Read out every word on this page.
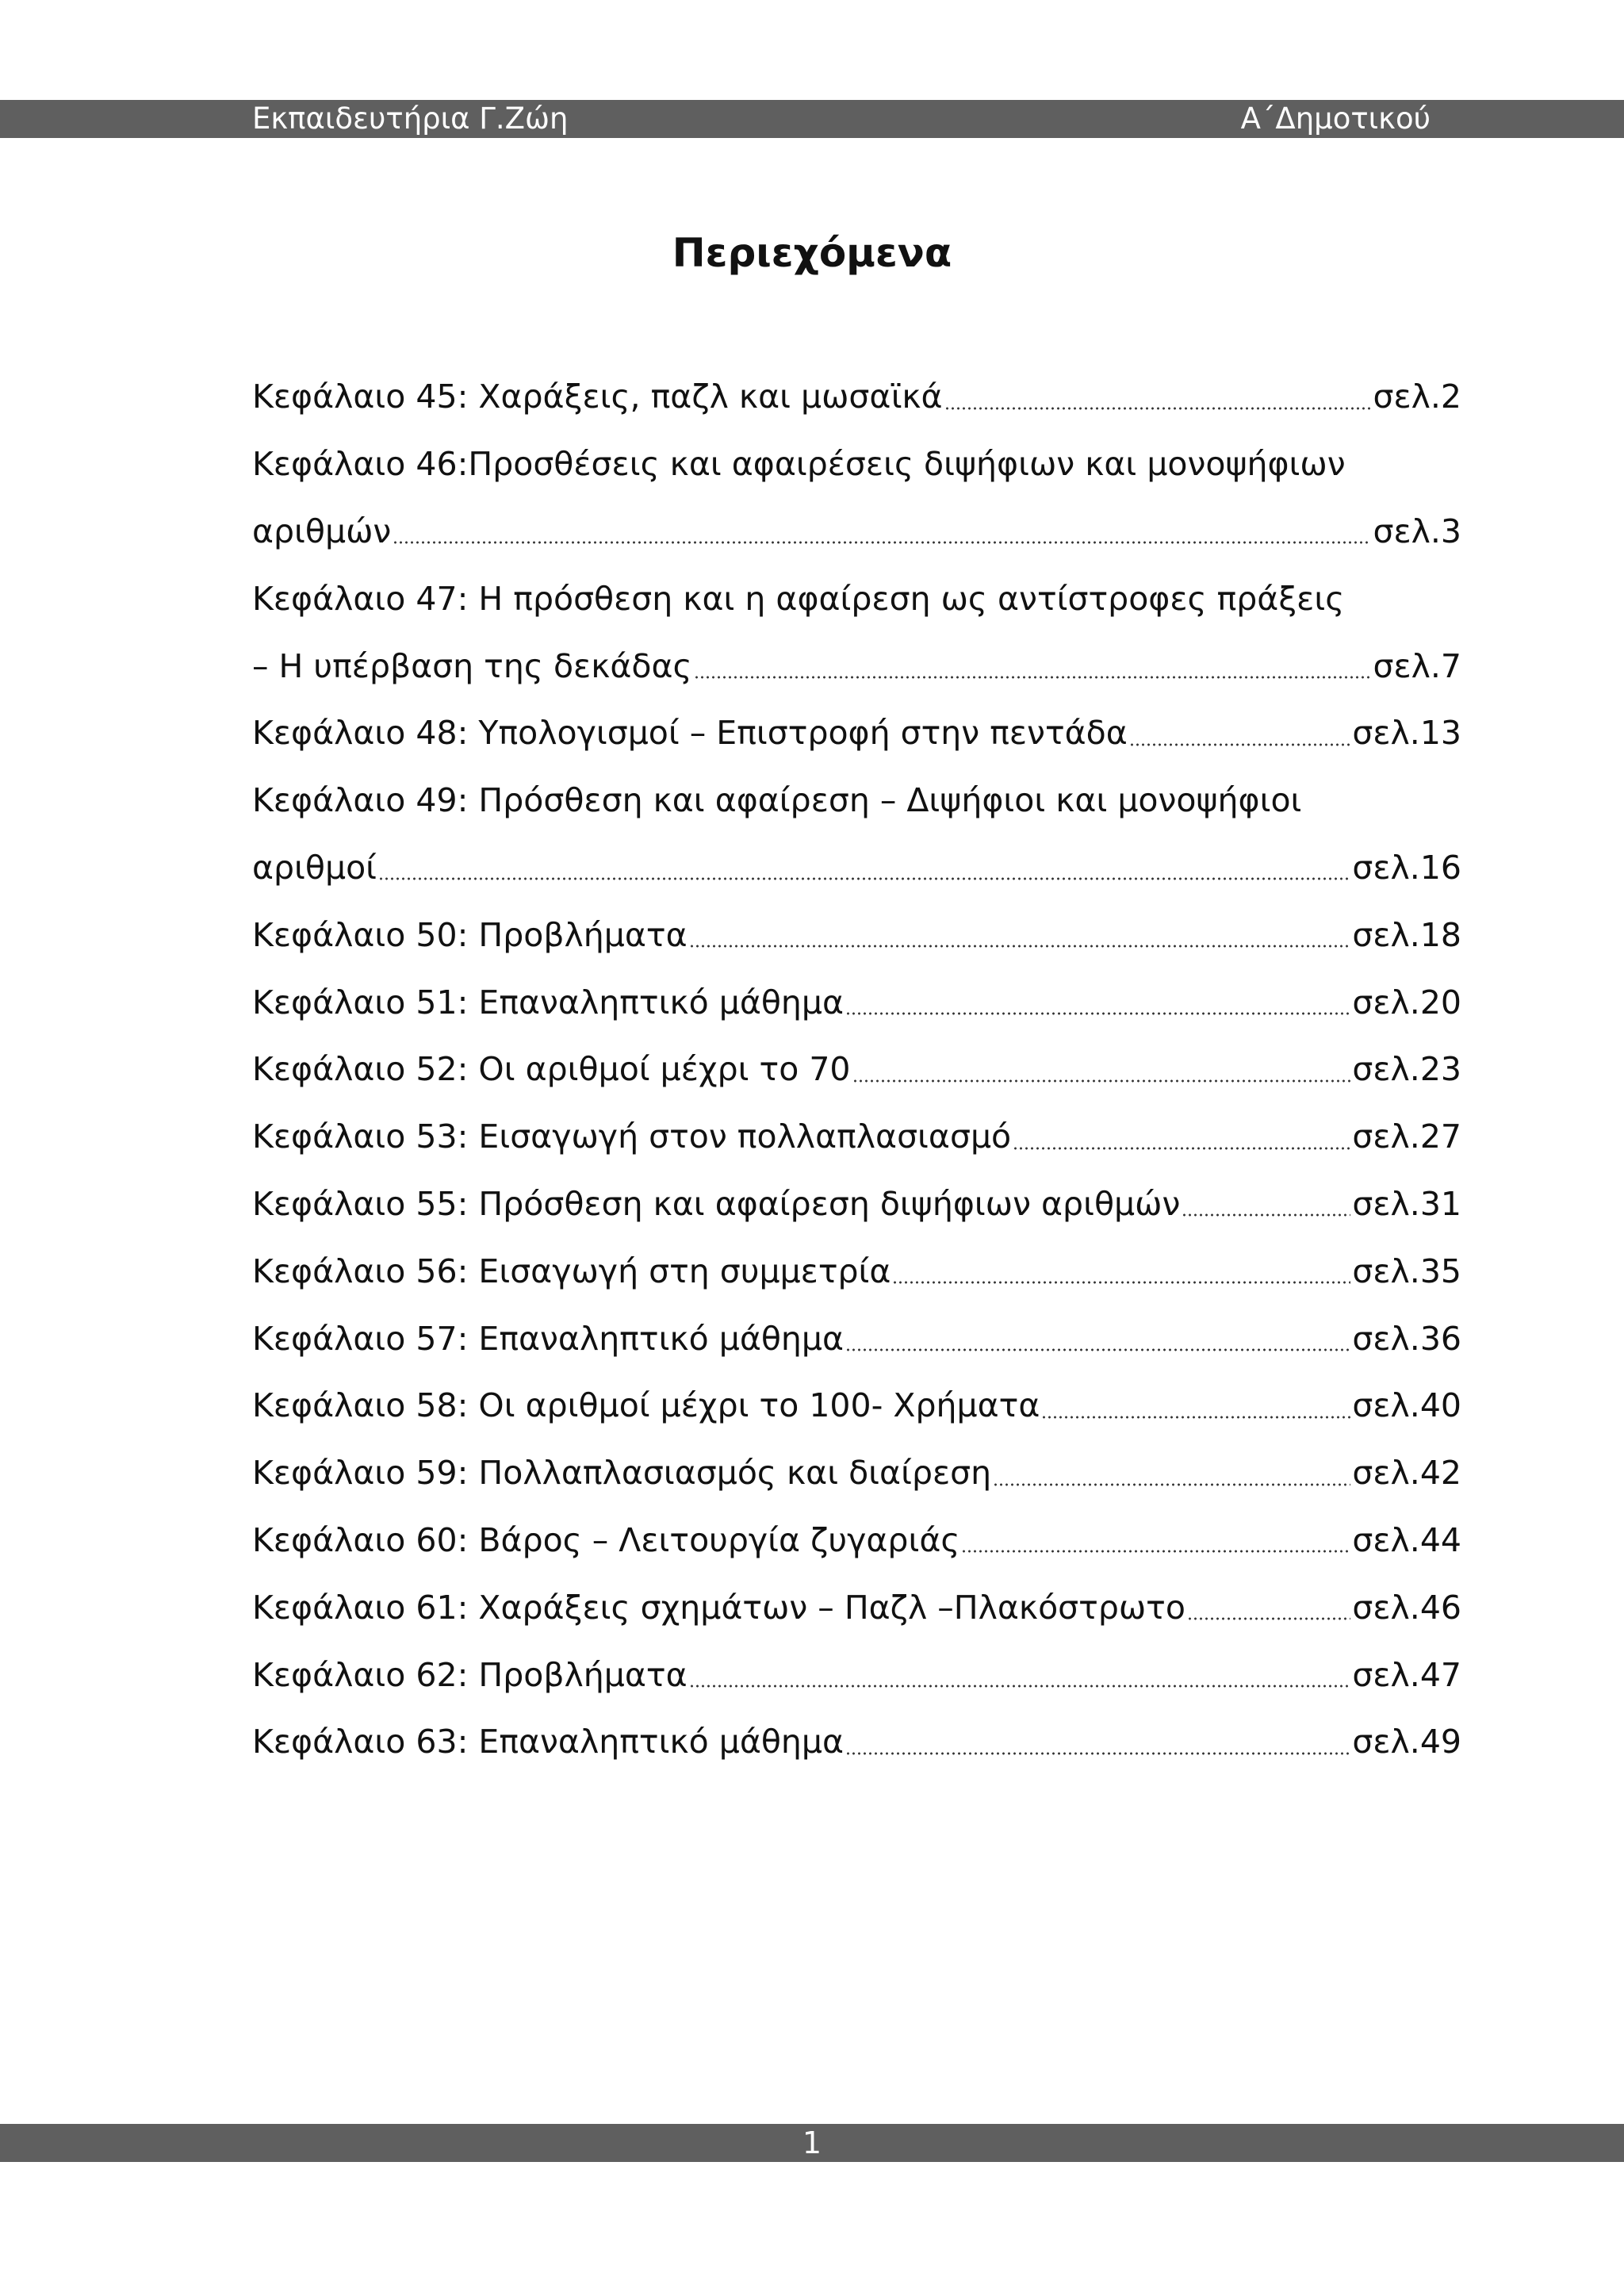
Εκπαιδευτήρια Γ.Ζώη	Α΄Δημοτικού
Περιεχόμενα
Κεφάλαιο 45: Χαράξεις, παζλ και μωσαϊκά	σελ.2
Κεφάλαιο 46:Προσθέσεις και αφαιρέσεις διψήφιων και μονοψήφιων
αριθμών	σελ.3
Κεφάλαιο 47: Η πρόσθεση και η αφαίρεση ως αντίστροφες πράξεις
– Η υπέρβαση της δεκάδας	σελ.7
Κεφάλαιο 48: Υπολογισμοί – Επιστροφή στην πεντάδα	σελ.13
Κεφάλαιο 49: Πρόσθεση και αφαίρεση – Διψήφιοι και μονοψήφιοι
αριθμοί	σελ.16
Κεφάλαιο 50: Προβλήματα	σελ.18
Κεφάλαιο 51: Επαναληπτικό μάθημα	σελ.20
Κεφάλαιο 52: Οι αριθμοί μέχρι το 70	σελ.23
Κεφάλαιο 53: Εισαγωγή στον πολλαπλασιασμό	σελ.27
Κεφάλαιο 55: Πρόσθεση και αφαίρεση διψήφιων αριθμών	σελ.31
Κεφάλαιο 56: Εισαγωγή στη συμμετρία	σελ.35
Κεφάλαιο 57: Επαναληπτικό μάθημα	σελ.36
Κεφάλαιο 58: Οι αριθμοί μέχρι το 100- Χρήματα	σελ.40
Κεφάλαιο 59: Πολλαπλασιασμός και διαίρεση	σελ.42
Κεφάλαιο 60: Βάρος – Λειτουργία ζυγαριάς	σελ.44
Κεφάλαιο 61: Χαράξεις σχημάτων – Παζλ –Πλακόστρωτο	σελ.46
Κεφάλαιο 62: Προβλήματα	σελ.47
Κεφάλαιο 63: Επαναληπτικό μάθημα	σελ.49
1
